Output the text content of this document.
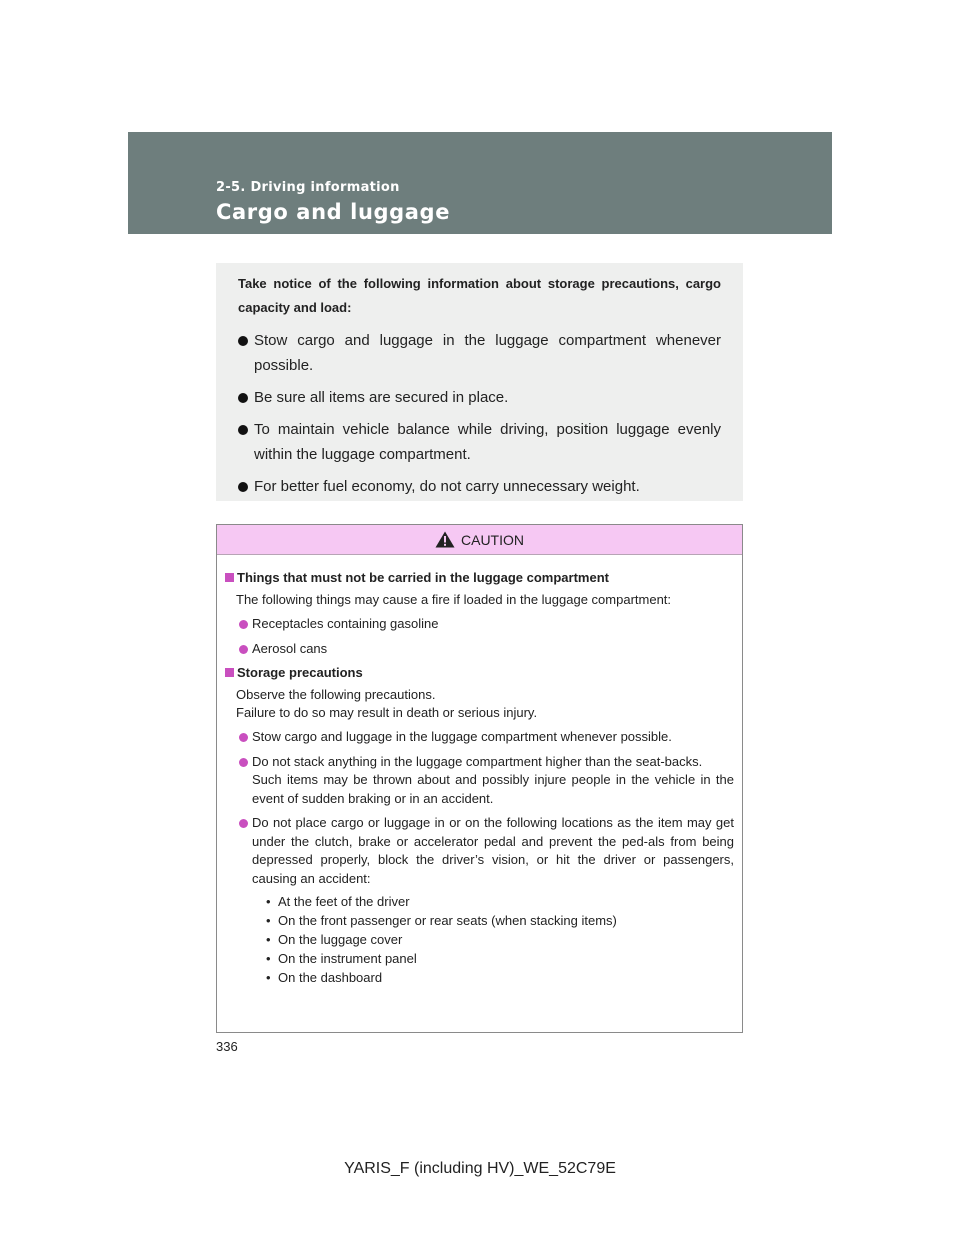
2-5. Driving information
Cargo and luggage

Take notice of the following information about storage precautions, cargo capacity and load:

Stow cargo and luggage in the luggage compartment whenever possible.
Be sure all items are secured in place.
To maintain vehicle balance while driving, position luggage evenly within the luggage compartment.
For better fuel economy, do not carry unnecessary weight.
CAUTION
Things that must not be carried in the luggage compartment
The following things may cause a fire if loaded in the luggage compartment:
Receptacles containing gasoline
Aerosol cans
Storage precautions
Observe the following precautions.
Failure to do so may result in death or serious injury.
Stow cargo and luggage in the luggage compartment whenever possible.
Do not stack anything in the luggage compartment higher than the seat-backs.
Such items may be thrown about and possibly injure people in the vehicle in the event of sudden braking or in an accident.
Do not place cargo or luggage in or on the following locations as the item may get under the clutch, brake or accelerator pedal and prevent the ped-als from being depressed properly, block the driver’s vision, or hit the driver or passengers, causing an accident:
• At the feet of the driver
• On the front passenger or rear seats (when stacking items)
• On the luggage cover
• On the instrument panel
• On the dashboard
336
YARIS_F (including HV)_WE_52C79E
